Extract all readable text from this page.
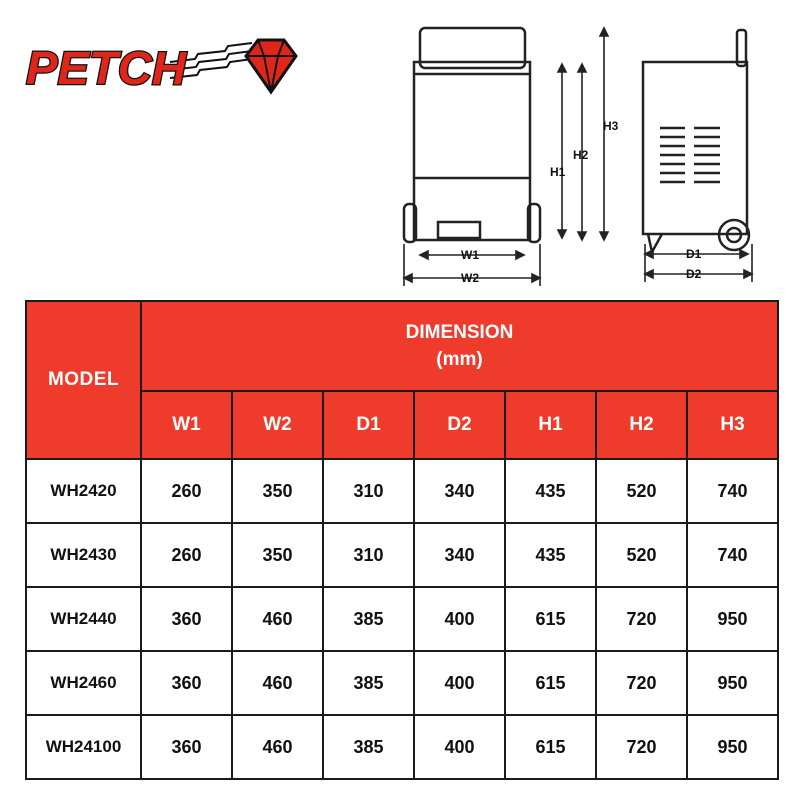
PETCH
W1
W2
H1
H2
H3
D1
D2
MODEL	DIMENSION
(mm)						

	W1	W2	D1	D2	H1	H2	H3
WH2420	260	350	310	340	435	520	740
WH2430	260	350	310	340	435	520	740
WH2440	360	460	385	400	615	720	950
WH2460	360	460	385	400	615	720	950
WH24100	360	460	385	400	615	720	950
